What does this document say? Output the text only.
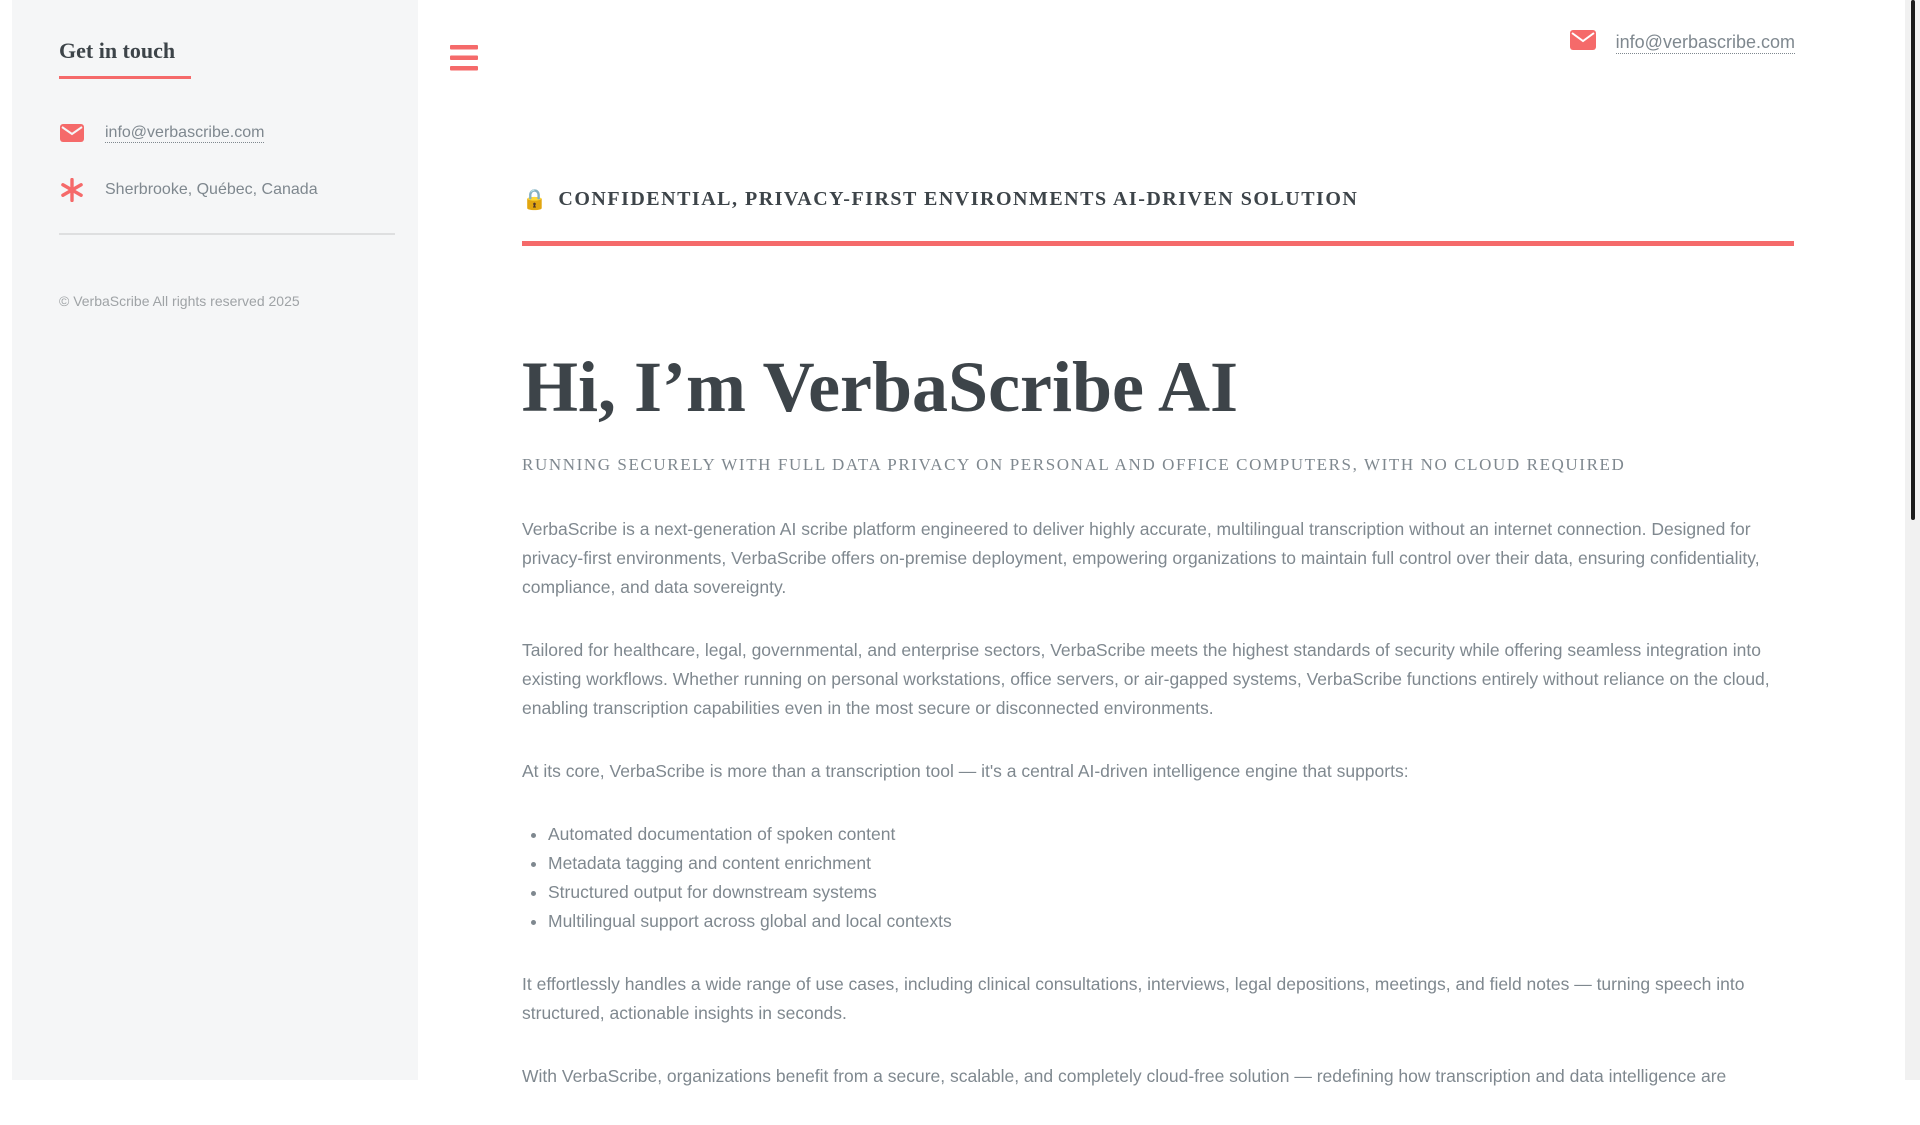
Get in touch
info@verbascribe.com
Sherbrooke, Québec, Canada
© VerbaScribe All rights reserved 2025
info@verbascribe.com
🔒 CONFIDENTIAL, PRIVACY-FIRST ENVIRONMENTS AI-DRIVEN SOLUTION
Hi, I’m VerbaScribe AI

RUNNING SECURELY WITH FULL DATA PRIVACY ON PERSONAL AND OFFICE COMPUTERS, WITH NO CLOUD REQUIRED

VerbaScribe is a next-generation AI scribe platform engineered to deliver highly accurate, multilingual transcription without an internet connection. Designed for privacy-first environments, VerbaScribe offers on-premise deployment, empowering organizations to maintain full control over their data, ensuring confidentiality, compliance, and data sovereignty.

Tailored for healthcare, legal, governmental, and enterprise sectors, VerbaScribe meets the highest standards of security while offering seamless integration into existing workflows. Whether running on personal workstations, office servers, or air-gapped systems, VerbaScribe functions entirely without reliance on the cloud, enabling transcription capabilities even in the most secure or disconnected environments.

At its core, VerbaScribe is more than a transcription tool — it's a central AI-driven intelligence engine that supports:

• Automated documentation of spoken content
• Metadata tagging and content enrichment
• Structured output for downstream systems
• Multilingual support across global and local contexts

It effortlessly handles a wide range of use cases, including clinical consultations, interviews, legal depositions, meetings, and field notes — turning speech into structured, actionable insights in seconds.

With VerbaScribe, organizations benefit from a secure, scalable, and completely cloud-free solution — redefining how transcription and data intelligence are
